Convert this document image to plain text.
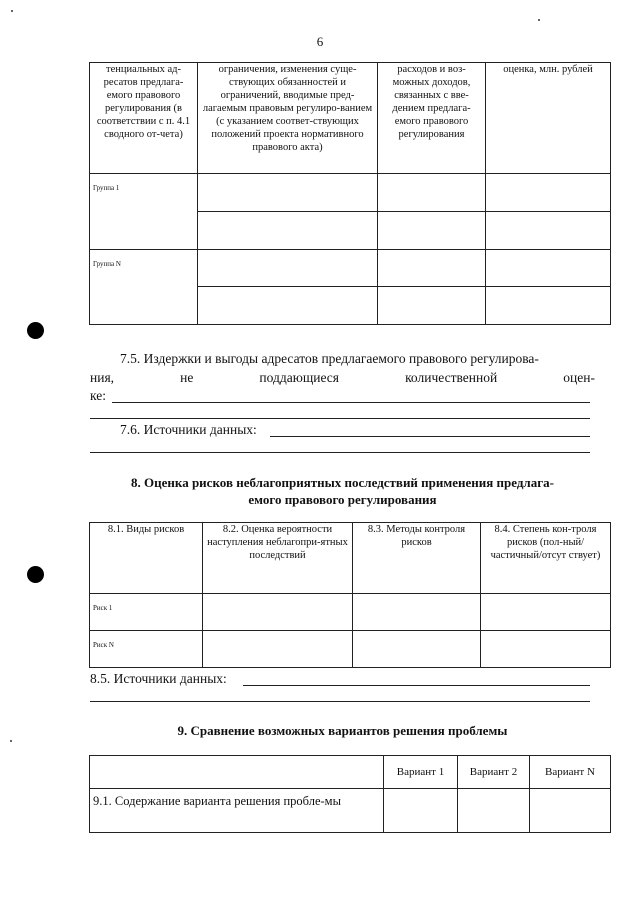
6
тенциальных ад-ресатов предлага-емого правового регулирования (в соответствии с п. 4.1 сводного от-чета)	ограничения, изменения суще-ствующих обязанностей и ограничений, вводимые пред-лагаемым правовым регулиро-ванием (с указанием соответ-ствующих положений проекта нормативного правового акта)	расходов и воз-можных доходов, связанных с вве-дением предлага-емого правового регулирования	оценка, млн. рублей
Группа 1			

Группа N			

7.5. Издержки и выгоды адресатов предлагаемого правового регулирова-
ния,	не	поддающиеся	количественной	оцен-
ке:
7.6. Источники данных:
8. Оценка рисков неблагоприятных последствий применения предлага-
емого правового регулирования
8.1. Виды рисков	8.2. Оценка вероятности наступления неблагопри-ятных последствий	8.3. Методы контроля рисков	8.4. Степень кон-троля рисков (пол-ный/частичный/отсут ствует)
Риск 1			
Риск N			
8.5. Источники данных:
9. Сравнение возможных вариантов решения проблемы
	Вариант 1	Вариант 2	Вариант N
9.1. Содержание варианта решения пробле-мы			
